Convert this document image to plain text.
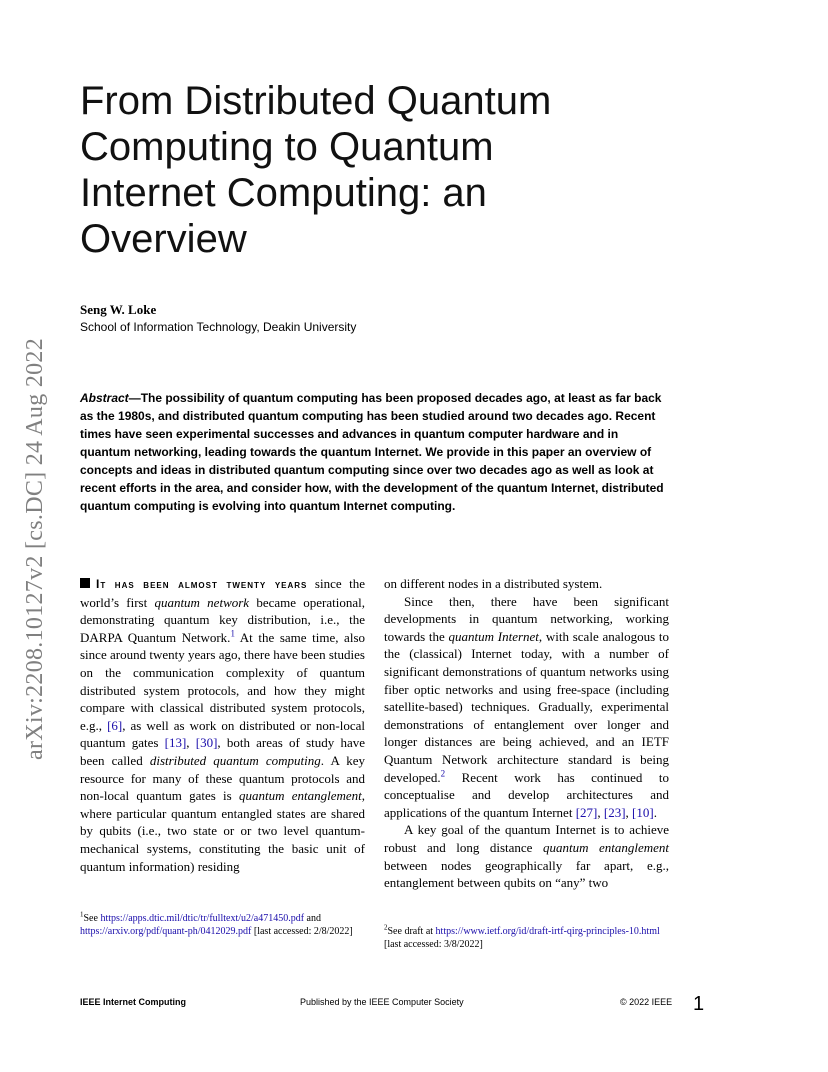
arXiv:2208.10127v2 [cs.DC] 24 Aug 2022
From Distributed Quantum Computing to Quantum Internet Computing: an Overview
Seng W. Loke
School of Information Technology, Deakin University

Abstract—The possibility of quantum computing has been proposed decades ago, at least as far back as the 1980s, and distributed quantum computing has been studied around two decades ago. Recent times have seen experimental successes and advances in quantum computer hardware and in quantum networking, leading towards the quantum Internet. We provide in this paper an overview of concepts and ideas in distributed quantum computing since over two decades ago as well as look at recent efforts in the area, and consider how, with the development of the quantum Internet, distributed quantum computing is evolving into quantum Internet computing.

It has been almost twenty years since the world’s first quantum network became operational, demonstrating quantum key distribution, i.e., the DARPA Quantum Network.$^1$ At the same time, also since around twenty years ago, there have been studies on the communication complexity of quantum distributed system protocols, and how they might compare with classical distributed system protocols, e.g., [6], as well as work on distributed or non-local quantum gates [13], [30], both areas of study have been called distributed quantum computing. A key resource for many of these quantum protocols and non-local quantum gates is quantum entanglement, where particular quantum entangled states are shared by qubits (i.e., two state or or two level quantum-mechanical systems, constituting the basic unit of quantum information) residing

on different nodes in a distributed system.

Since then, there have been significant developments in quantum networking, working towards the quantum Internet, with scale analogous to the (classical) Internet today, with a number of significant demonstrations of quantum networks using fiber optic networks and using free-space (including satellite-based) techniques. Gradually, experimental demonstrations of entanglement over longer and longer distances are being achieved, and an IETF Quantum Network architecture standard is being developed.$^2$ Recent work has continued to conceptualise and develop architectures and applications of the quantum Internet [27], [23], [10].

A key goal of the quantum Internet is to achieve robust and long distance quantum entanglement between nodes geographically far apart, e.g., entanglement between qubits on “any” two

$^1$See https://apps.dtic.mil/dtic/tr/fulltext/u2/a471450.pdf and https://arxiv.org/pdf/quant-ph/0412029.pdf [last accessed: 2/8/2022]	$^2$See draft at https://www.ietf.org/id/draft-irtf-qirg-principles-10.html [last accessed: 3/8/2022]

IEEE Internet Computing	Published by the IEEE Computer Society	© 2022 IEEE 1
